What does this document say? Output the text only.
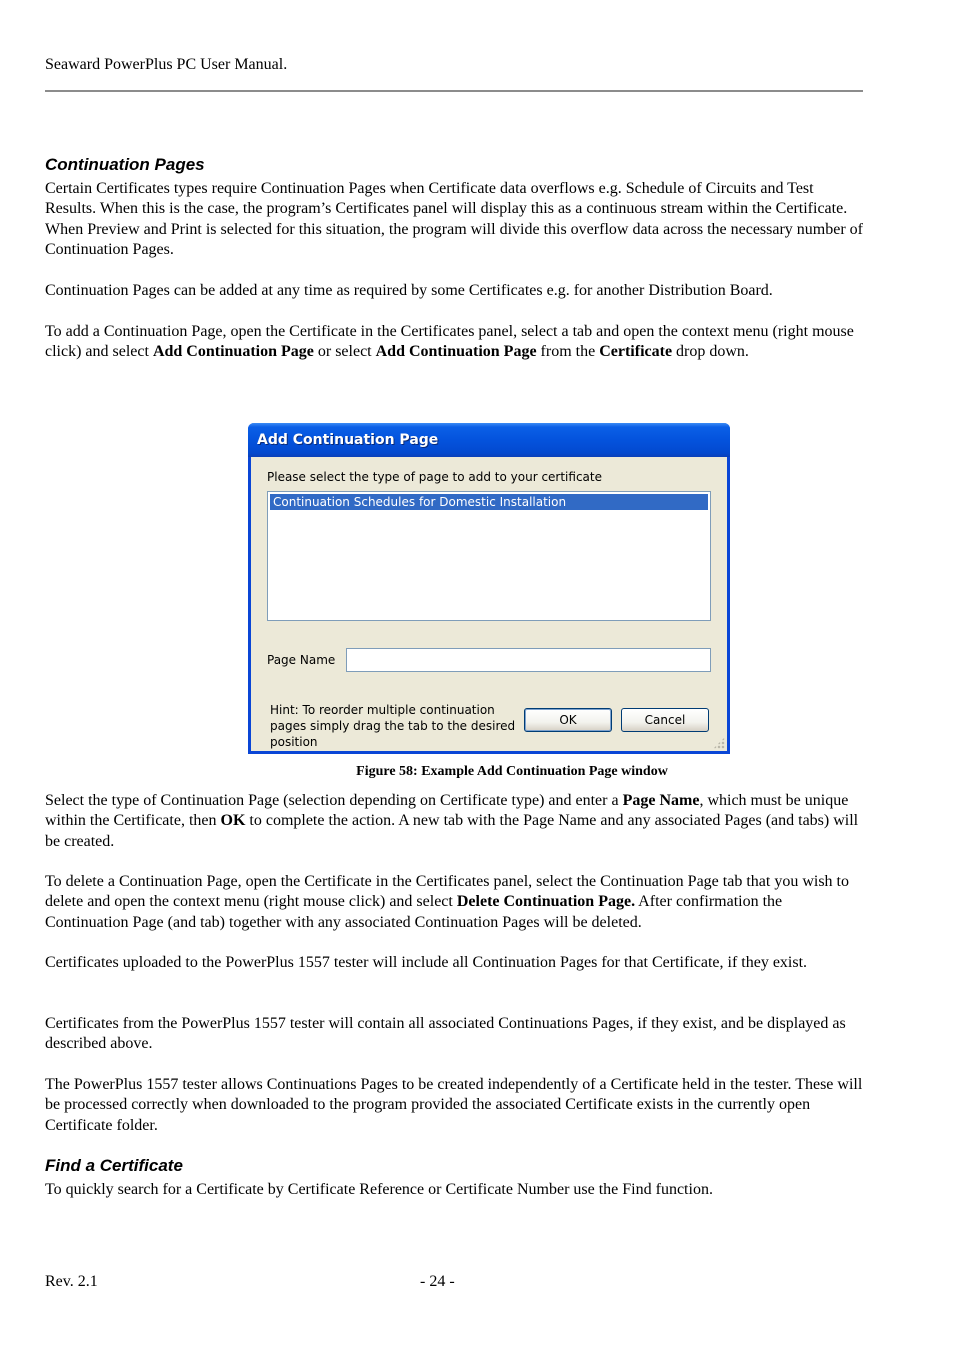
Seaward PowerPlus PC User Manual.
Continuation Pages
Certain Certificates types require Continuation Pages when Certificate data overflows e.g. Schedule of Circuits and Test Results. When this is the case, the program’s Certificates panel will display this as a continuous stream within the Certificate. When Preview and Print is selected for this situation, the program will divide this overflow data across the necessary number of Continuation Pages.
Continuation Pages can be added at any time as required by some Certificates e.g. for another Distribution Board.
To add a Continuation Page, open the Certificate in the Certificates panel, select a tab and open the context menu (right mouse click) and select Add Continuation Page or select Add Continuation Page from the Certificate drop down.
Add Continuation Page
Please select the type of page to add to your certificate
Continuation Schedules for Domestic Installation
Page Name
Hint: To reorder multiple continuation pages simply drag the tab to the desired position
OK	Cancel
Figure 58: Example Add Continuation Page window
Select the type of Continuation Page (selection depending on Certificate type) and enter a Page Name, which must be unique within the Certificate, then OK to complete the action. A new tab with the Page Name and any associated Pages (and tabs) will be created.
To delete a Continuation Page, open the Certificate in the Certificates panel, select the Continuation Page tab that you wish to delete and open the context menu (right mouse click) and select Delete Continuation Page. After confirmation the Continuation Page (and tab) together with any associated Continuation Pages will be deleted.
Certificates uploaded to the PowerPlus 1557 tester will include all Continuation Pages for that Certificate, if they exist.
Certificates from the PowerPlus 1557 tester will contain all associated Continuations Pages, if they exist, and be displayed as described above.
The PowerPlus 1557 tester allows Continuations Pages to be created independently of a Certificate held in the tester. These will be processed correctly when downloaded to the program provided the associated Certificate exists in the currently open Certificate folder.
Find a Certificate
To quickly search for a Certificate by Certificate Reference or Certificate Number use the Find function.
Rev. 2.1	- 24 -
